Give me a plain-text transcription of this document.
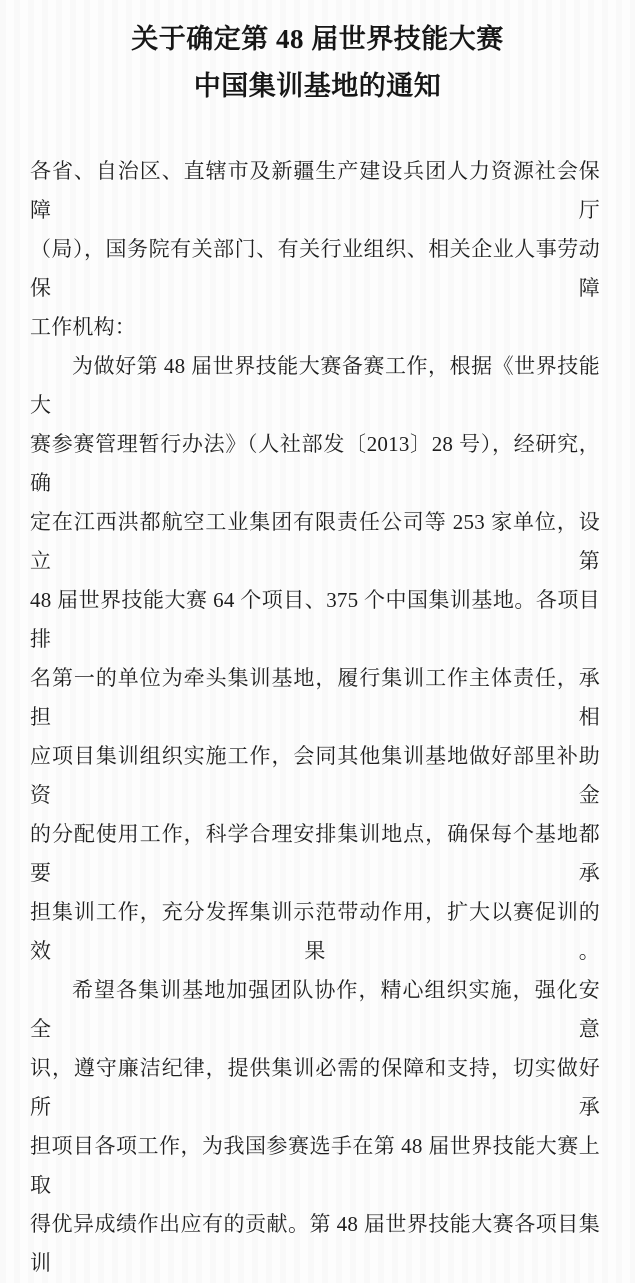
关于确定第 48 届世界技能大赛
中国集训基地的通知
各省、自治区、直辖市及新疆生产建设兵团人力资源社会保障厅
（局），国务院有关部门、有关行业组织、相关企业人事劳动保障
工作机构：
为做好第 48 届世界技能大赛备赛工作，根据《世界技能大
赛参赛管理暂行办法》（人社部发〔2013〕28 号），经研究，确
定在江西洪都航空工业集团有限责任公司等 253 家单位，设立第
48 届世界技能大赛 64 个项目、375 个中国集训基地。各项目排
名第一的单位为牵头集训基地，履行集训工作主体责任，承担相
应项目集训组织实施工作，会同其他集训基地做好部里补助资金
的分配使用工作，科学合理安排集训地点，确保每个基地都要承
担集训工作，充分发挥集训示范带动作用，扩大以赛促训的效果。
希望各集训基地加强团队协作，精心组织实施，强化安全意
识，遵守廉洁纪律，提供集训必需的保障和支持，切实做好所承
担项目各项工作，为我国参赛选手在第 48 届世界技能大赛上取
得优异成绩作出应有的贡献。第 48 届世界技能大赛各项目集训
